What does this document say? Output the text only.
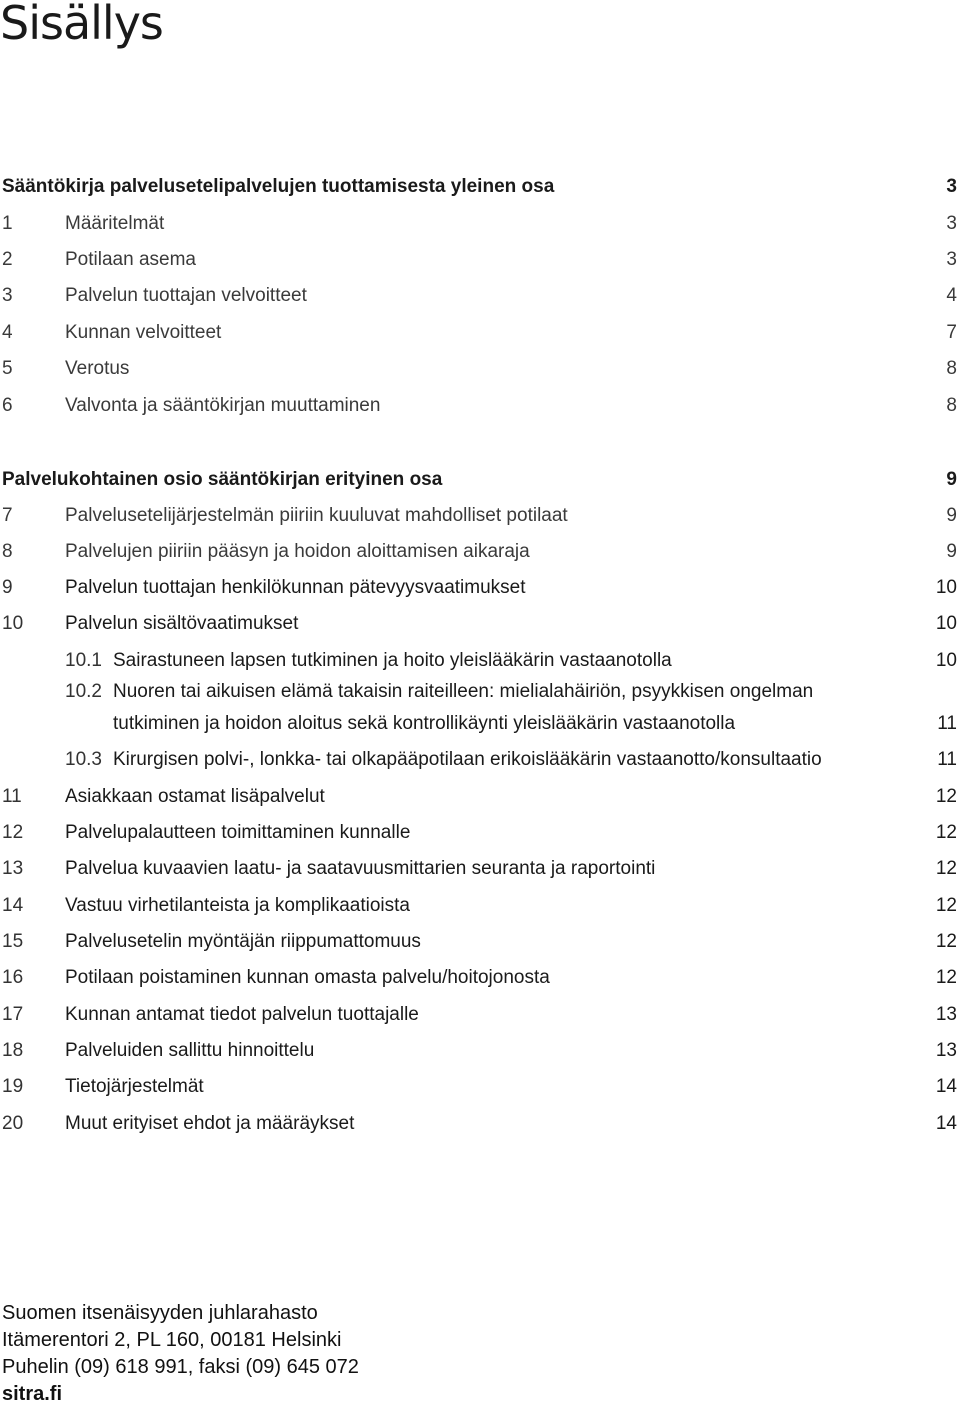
Sisällys
Sääntökirja palvelusetelipalvelujen tuottamisesta yleinen osa	3
1	Määritelmät	3
2	Potilaan asema	3
3	Palvelun tuottajan velvoitteet	4
4	Kunnan velvoitteet	7
5	Verotus	8
6	Valvonta ja sääntökirjan muuttaminen	8
Palvelukohtainen osio sääntökirjan erityinen osa	9
7	Palvelusetelijärjestelmän piiriin kuuluvat mahdolliset potilaat	9
8	Palvelujen piiriin pääsyn ja hoidon aloittamisen aikaraja	9
9	Palvelun tuottajan henkilökunnan pätevyysvaatimukset	10
10 Palvelun sisältövaatimukset	10
10.1 Sairastuneen lapsen tutkiminen ja hoito yleislääkärin vastaanotolla	10
10.2 Nuoren tai aikuisen elämä takaisin raiteilleen: mielialahäiriön, psyykkisen ongelman
tutkiminen ja hoidon aloitus sekä kontrollikäynti yleislääkärin vastaanotolla	11
10.3 Kirurgisen polvi-, lonkka- tai olkapääpotilaan erikoislääkärin vastaanotto/konsultaatio	11
11 Asiakkaan ostamat lisäpalvelut	12
12 Palvelupalautteen toimittaminen kunnalle	12
13 Palvelua kuvaavien laatu- ja saatavuusmittarien seuranta ja raportointi	12
14 Vastuu virhetilanteista ja komplikaatioista	12
15 Palvelusetelin myöntäjän riippumattomuus	12
16 Potilaan poistaminen kunnan omasta palvelu/hoitojonosta	12
17 Kunnan antamat tiedot palvelun tuottajalle	13
18 Palveluiden sallittu hinnoittelu	13
19 Tietojärjestelmät	14
20 Muut erityiset ehdot ja määräykset	14
Suomen itsenäisyyden juhlarahasto
Itämerentori 2, PL 160, 00181 Helsinki
Puhelin (09) 618 991, faksi (09) 645 072
sitra.fi
